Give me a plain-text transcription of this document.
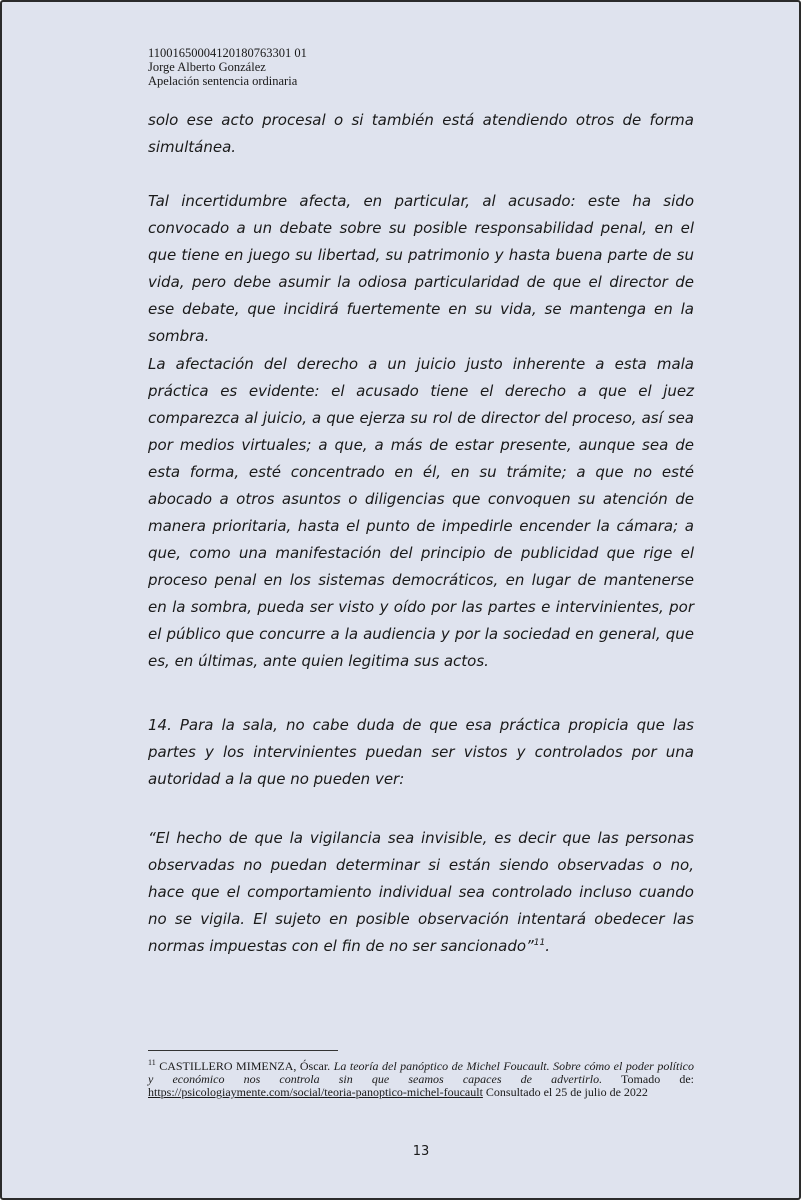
11001650004120180763301 01
Jorge Alberto González
Apelación sentencia ordinaria

solo ese acto procesal o si también está atendiendo otros de forma simultánea.

Tal incertidumbre afecta, en particular, al acusado: este ha sido convocado a un debate sobre su posible responsabilidad penal, en el que tiene en juego su libertad, su patrimonio y hasta buena parte de su vida, pero debe asumir la odiosa particularidad de que el director de ese debate, que incidirá fuertemente en su vida, se mantenga en la sombra.

La afectación del derecho a un juicio justo inherente a esta mala práctica es evidente: el acusado tiene el derecho a que el juez comparezca al juicio, a que ejerza su rol de director del proceso, así sea por medios virtuales; a que, a más de estar presente, aunque sea de esta forma, esté concentrado en él, en su trámite; a que no esté abocado a otros asuntos o diligencias que convoquen su atención de manera prioritaria, hasta el punto de impedirle encender la cámara; a que, como una manifestación del principio de publicidad que rige el proceso penal en los sistemas democráticos, en lugar de mantenerse en la sombra, pueda ser visto y oído por las partes e intervinientes, por el público que concurre a la audiencia y por la sociedad en general, que es, en últimas, ante quien legitima sus actos.

14. Para la sala, no cabe duda de que esa práctica propicia que las partes y los intervinientes puedan ser vistos y controlados por una autoridad a la que no pueden ver:

“El hecho de que la vigilancia sea invisible, es decir que las personas observadas no puedan determinar si están siendo observadas o no, hace que el comportamiento individual sea controlado incluso cuando no se vigila. El sujeto en posible observación intentará obedecer las normas impuestas con el fin de no ser sancionado”$^{11}$.

$^{11}$ CASTILLERO MIMENZA, Óscar. La teoría del panóptico de Michel Foucault. Sobre cómo el poder político y económico nos controla sin que seamos capaces de advertirlo. Tomado de: https://psicologiaymente.com/social/teoria-panoptico-michel-foucault Consultado el 25 de julio de 2022
13
